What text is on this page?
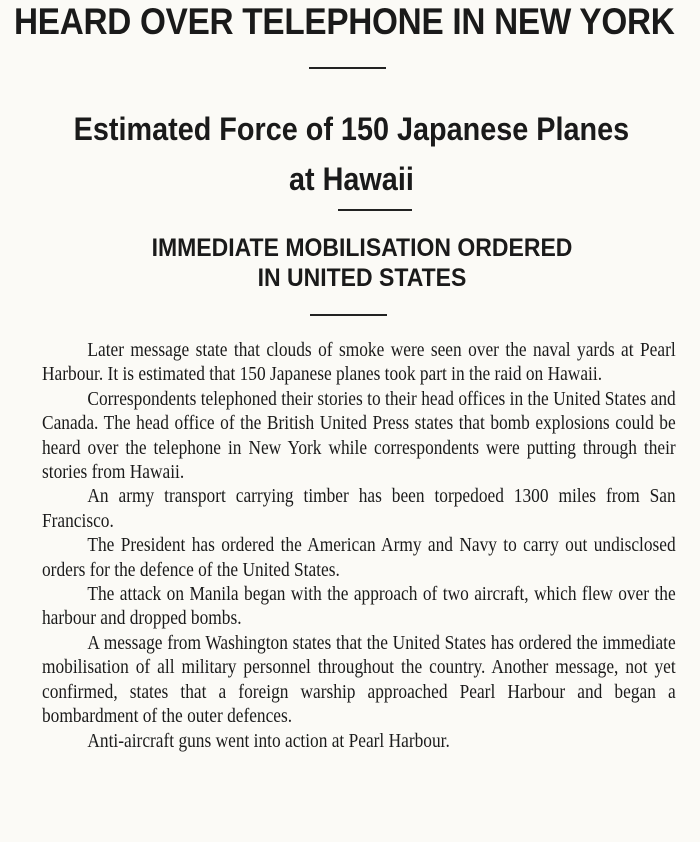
HEARD OVER TELEPHONE IN NEW YORK
Estimated Force of 150 Japanese Planes
at Hawaii
IMMEDIATE MOBILISATION ORDERED
IN UNITED STATES

Later message state that clouds of smoke were seen over the naval yards at Pearl Harbour. It is estimated that 150 Japanese planes took part in the raid on Hawaii.

Correspondents telephoned their stories to their head offices in the United States and Canada. The head office of the British United Press states that bomb explosions could be heard over the telephone in New York while correspondents were putting through their stories from Hawaii.

An army transport carrying timber has been torpedoed 1300 miles from San Francisco.

The President has ordered the American Army and Navy to carry out undisclosed orders for the defence of the United States.

The attack on Manila began with the approach of two aircraft, which flew over the harbour and dropped bombs.

A message from Washington states that the United States has ordered the immediate mobilisation of all military personnel throughout the country. Another message, not yet confirmed, states that a foreign warship approached Pearl Harbour and began a bombardment of the outer defences.

Anti-aircraft guns went into action at Pearl Harbour.
